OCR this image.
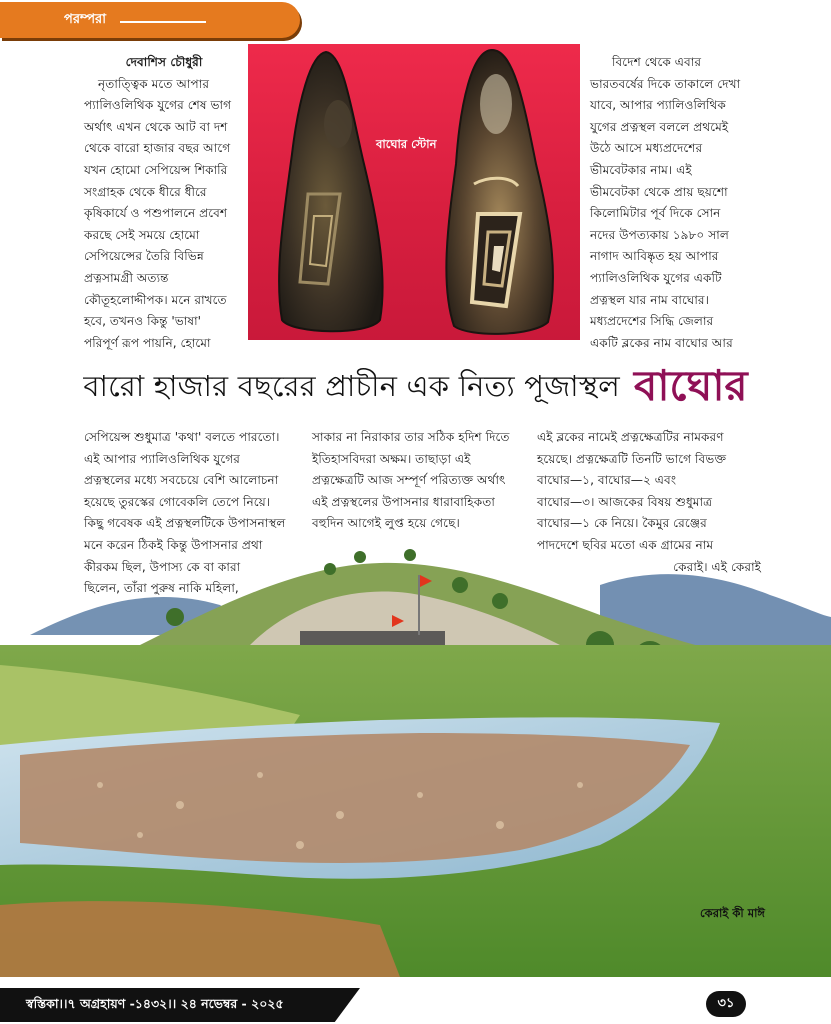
পরম্পরা

দেবাশিস চৌধুরী

নৃতাত্ত্বিক মতে আপার

প্যালিওলিথিক যুগের শেষ ভাগ

অর্থাৎ এখন থেকে আট বা দশ

থেকে বারো হাজার বছর আগে

যখন হোমো সেপিয়েন্স শিকারি

সংগ্রাহক থেকে ধীরে ধীরে

কৃষিকার্যে ও পশুপালনে প্রবেশ

করছে সেই সময়ে হোমো

সেপিয়েন্সের তৈরি বিভিন্ন

প্রত্নসামগ্রী অত্যন্ত

কৌতূহলোদ্দীপক। মনে রাখতে

হবে, তখনও কিন্তু 'ভাষা'

পরিপূর্ণ রূপ পায়নি, হোমো

বাঘোর স্টোন

বিদেশ থেকে এবার

ভারতবর্ষের দিকে তাকালে দেখা

যাবে, আপার প্যালিওলিথিক

যুগের প্রত্নস্থল বললে প্রথমেই

উঠে আসে মধ্যপ্রদেশের

ভীমবেটকার নাম। এই

ভীমবেটকা থেকে প্রায় ছয়শো

কিলোমিটার পূর্ব দিকে সোন

নদের উপত্যকায় ১৯৮০ সাল

নাগাদ আবিষ্কৃত হয় আপার

প্যালিওলিথিক যুগের একটি

প্রত্নস্থল যার নাম বাঘোর।

মধ্যপ্রদেশের সিদ্ধি জেলার

একটি ব্লকের নাম বাঘোর আর

বারো হাজার বছরের প্রাচীন এক নিত্য পূজাস্থল বাঘোর

সেপিয়েন্স শুধুমাত্র 'কথা' বলতে পারতো।

এই আপার প্যালিওলিথিক যুগের

প্রত্নস্থলের মধ্যে সবচেয়ে বেশি আলোচনা

হয়েছে তুরস্কের গোবেকলি তেপে নিয়ে।

কিছু গবেষক এই প্রত্নস্থলটিকে উপাসনাস্থল

মনে করেন ঠিকই কিন্তু উপাসনার প্রথা

কীরকম ছিল, উপাস্য কে বা কারা

ছিলেন, তাঁরা পুরুষ নাকি মহিলা,

সাকার না নিরাকার তার সঠিক হদিশ দিতে

ইতিহাসবিদরা অক্ষম। তাছাড়া এই

প্রত্নক্ষেত্রটি আজ সম্পূর্ণ পরিত্যক্ত অর্থাৎ

এই প্রত্নস্থলের উপাসনার ধারাবাহিকতা

বহুদিন আগেই লুপ্ত হয়ে গেছে।

এই ব্লকের নামেই প্রত্নক্ষেত্রটির নামকরণ

হয়েছে। প্রত্নক্ষেত্রটি তিনটি ভাগে বিভক্ত

বাঘোর—১, বাঘোর—২ এবং

বাঘোর—৩। আজকের বিষয় শুধুমাত্র

বাঘোর—১ কে নিয়ে। কৈমুর রেঞ্জের

পাদদেশে ছবির মতো এক গ্রামের নাম

কেরাই। এই কেরাই

কেরাই কী মাঈ
স্বস্তিকা।।৭ অগ্রহায়ণ -১৪৩২।। ২৪ নভেম্বর - ২০২৫	৩১
